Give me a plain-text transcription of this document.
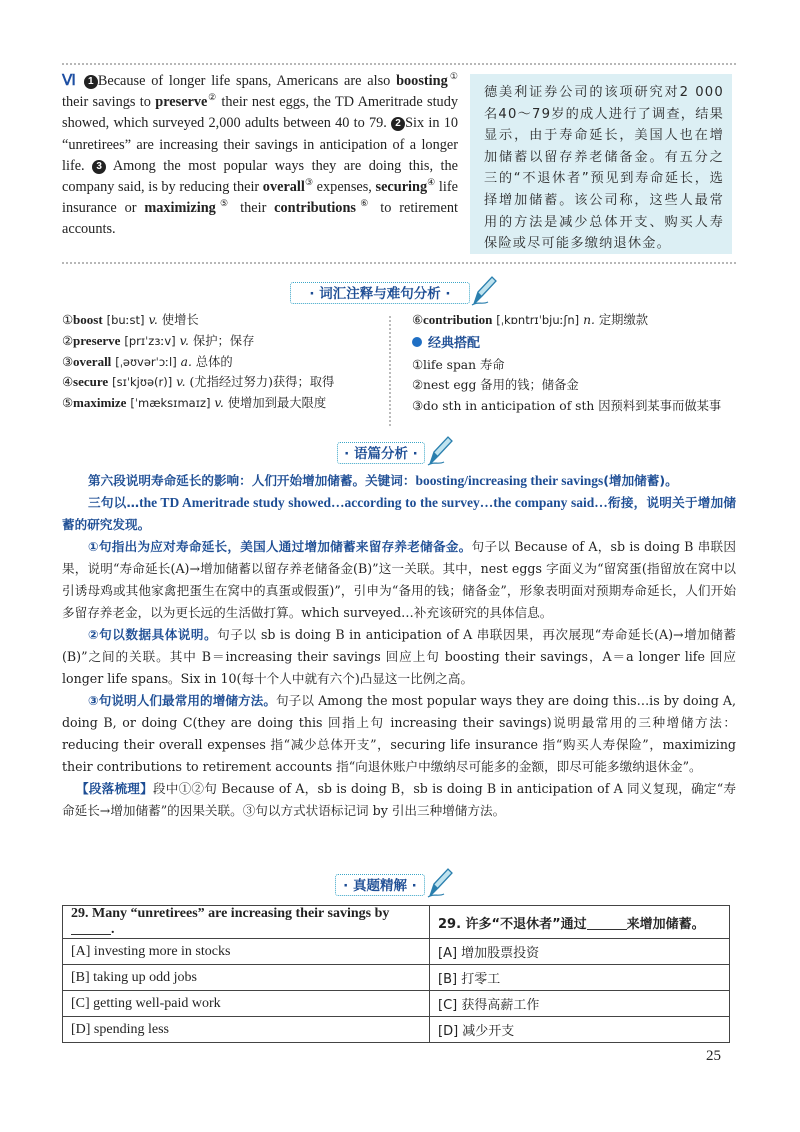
Ⅵ 1 Because of longer life spans, Americans are also boosting① their savings to preserve② their nest eggs, the TD Ameritrade study showed, which surveyed 2,000 adults between 40 to 79. 2 Six in 10 “unretirees” are increasing their savings in anticipation of a longer life. 3 Among the most popular ways they are doing this, the company said, is by reducing their overall③ expenses, securing④ life insurance or maximizing⑤ their contributions⑥ to retirement accounts.
德美利证券公司的该项研究对2 000名40～79岁的成人进行了调查，结果显示，由于寿命延长，美国人也在增加储蓄以留存养老储备金。有五分之三的“不退休者”预见到寿命延长，选择增加储蓄。该公司称，这些人最常用的方法是减少总体开支、购买人寿保险或尽可能多缴纳退休金。
· 词汇注释与难句分析 ·
①boost [buːst] v. 使增长
②preserve [prɪˈzɜːv] v. 保护；保存
③overall [ˌəʊvərˈɔːl] a. 总体的
④secure [sɪˈkjʊə(r)] v. (尤指经过努力)获得；取得
⑤maximize [ˈmæksɪmaɪz] v. 使增加到最大限度
⑥contribution [ˌkɒntrɪˈbjuːʃn] n. 定期缴款
经典搭配
①life span 寿命
②nest egg 备用的钱；储备金
③do sth in anticipation of sth 因预料到某事而做某事
· 语篇分析 ·
第六段说明寿命延长的影响：人们开始增加储蓄。关键词：boosting/increasing their savings(增加储蓄)。
三句以…the TD Ameritrade study showed…according to the survey…the company said…衔接，说明关于增加储蓄的研究发现。
①句指出为应对寿命延长，美国人通过增加储蓄来留存养老储备金。句子以 Because of A，sb is doing B 串联因果，说明“寿命延长(A)→增加储蓄以留存养老储备金(B)”这一关联。其中，nest eggs 字面义为“留窝蛋(指留放在窝中以引诱母鸡或其他家禽把蛋生在窝中的真蛋或假蛋)”，引申为“备用的钱；储备金”，形象表明面对预期寿命延长，人们开始多留存养老金，以为更长远的生活做打算。which surveyed…补充该研究的具体信息。
②句以数据具体说明。句子以 sb is doing B in anticipation of A 串联因果，再次展现“寿命延长(A)→增加储蓄(B)”之间的关联。其中 B＝increasing their savings 回应上句 boosting their savings，A＝a longer life 回应 longer life spans。Six in 10(每十个人中就有六个)凸显这一比例之高。
③句说明人们最常用的增储方法。句子以 Among the most popular ways they are doing this…is by doing A, doing B, or doing C(they are doing this 回指上句 increasing their savings)说明最常用的三种增储方法：reducing their overall expenses 指“减少总体开支”，securing life insurance 指“购买人寿保险”，maximizing their contributions to retirement accounts 指“向退休账户中缴纳尽可能多的金额，即尽可能多缴纳退休金”。
【段落梳理】段中①②句 Because of A，sb is doing B，sb is doing B in anticipation of A 同义复现，确定“寿命延长→增加储蓄”的因果关联。③句以方式状语标记词 by 引出三种增储方法。
· 真题精解 ·
29. Many “unretirees” are increasing their savings by .	29. 许多“不退休者”通过 来增加储蓄。
[A] investing more in stocks	[A] 增加股票投资
[B] taking up odd jobs	[B] 打零工
[C] getting well-paid work	[C] 获得高薪工作
[D] spending less	[D] 减少开支
25
